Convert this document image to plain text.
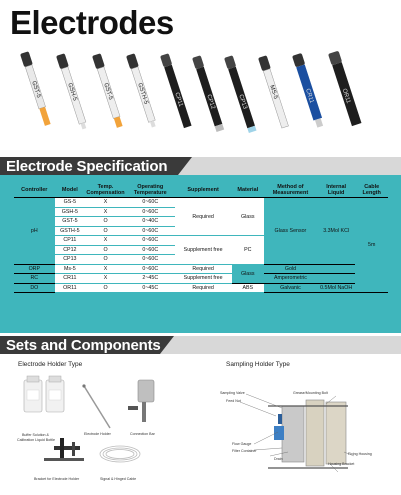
Electrodes
GST-5	GSH-5	GST-5	GSTH-5	CP11	CP12	CP13
MS-5	CR11	OR11
Electrode Specification
Controller	Model	Temp. Compensation	Operating Temperature	Supplement	Material	Method of Measurement	Internal Liquid	Cable Length
pH	GS-5	X	0~60C	Required	Glass	Glass Sensor	3.3Mol KCl	5m
	GSH-5	X	0~60C					
	GST-5	O	0~40C					
	GSTH-5	O	0~60C					
	CP11	X	0~60C	Supplement free	PC			
	CP12	O	0~60C					
	CP13	O	0~60C					
ORP	Ms-5	X	0~60C	Required	Glass	Gold		
RC	CR11	X	2~45C	Supplement free		Amperometric		
DO	OR11	O	0~45C	Required	ABS	Galvanic	0.5Mol NaOH	
Sets and Components
Electrode Holder Type
Buffer Solution &
Calibration Liquid Bottle
Electrode Holder	Connection Bar
Bracket for Electrode Holder	Signal & Hinged Cable
Sampling Holder Type
Sampling Valve
Feed Nut
Grease/Mounting Bolt
Flow Gauge
Filter Container
Drain
Housing Bracket
Fixing Housing
